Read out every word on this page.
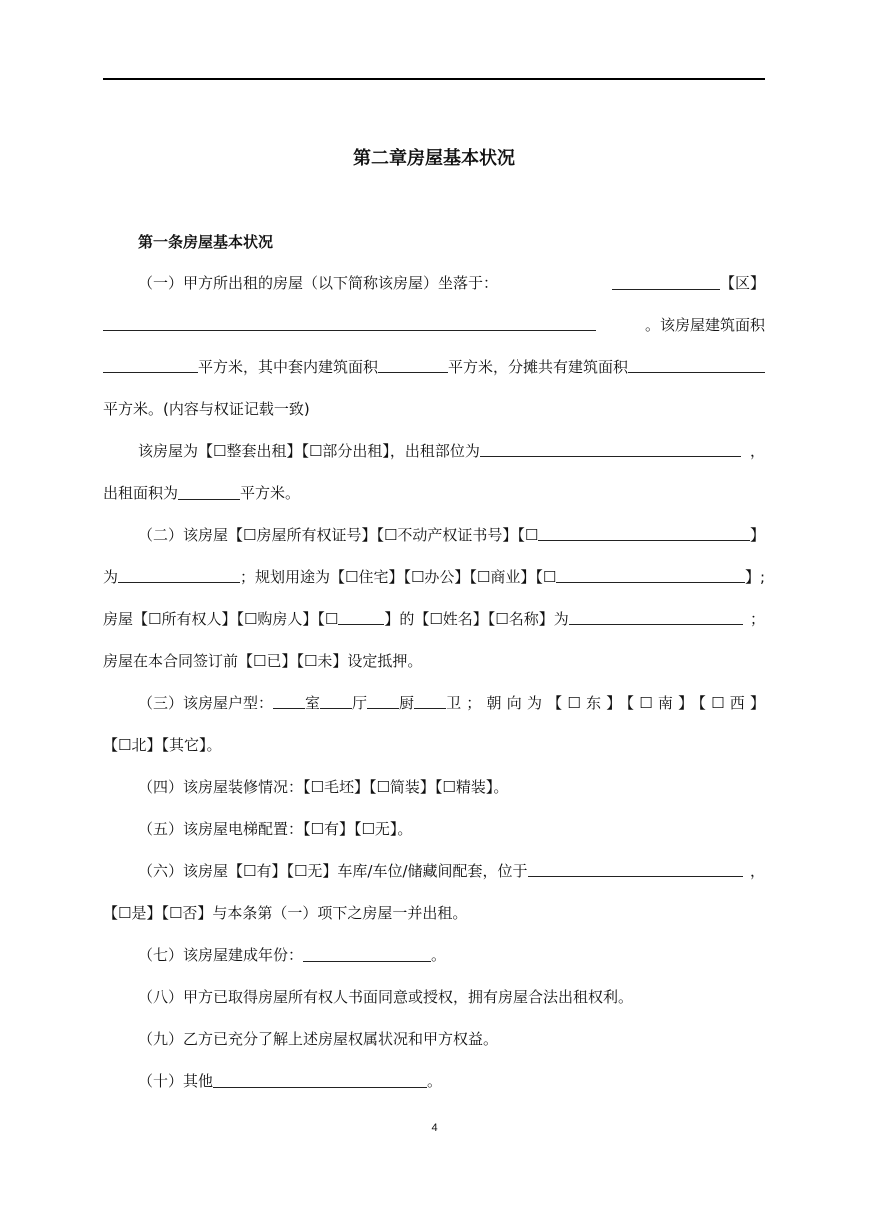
第二章房屋基本状况
第一条房屋基本状况
（一）甲方所出租的房屋（以下简称该房屋）坐落于：	【区】
。该房屋建筑面积
平方米，其中套内建筑面积	平方米，分摊共有建筑面积
平方米。(内容与权证记载一致)
该房屋为【☐整套出租】【☐部分出租】，出租部位为	，
出租面积为	平方米。
（二）该房屋【☐房屋所有权证号】【☐不动产权证书号】【☐	】
为	；规划用途为【☐住宅】【☐办公】【☐商业】【☐	】;
房屋【☐所有权人】【☐购房人】【☐	】的【☐姓名】【☐名称】为	；
房屋在本合同签订前【☐已】【☐未】设定抵押。
（三）该房屋户型： 室 厅 厨 卫；朝向为【☐东】【☐南】【☐西】
【☐北】【其它】。
（四）该房屋装修情况：【☐毛坯】【☐简装】【☐精装】。
（五）该房屋电梯配置：【☐有】【☐无】。
（六）该房屋【☐有】【☐无】车库/车位/储藏间配套，位于	，
【☐是】【☐否】与本条第（一）项下之房屋一并出租。
（七）该房屋建成年份：	。
（八）甲方已取得房屋所有权人书面同意或授权，拥有房屋合法出租权利。
（九）乙方已充分了解上述房屋权属状况和甲方权益。
（十）其他	。
4
